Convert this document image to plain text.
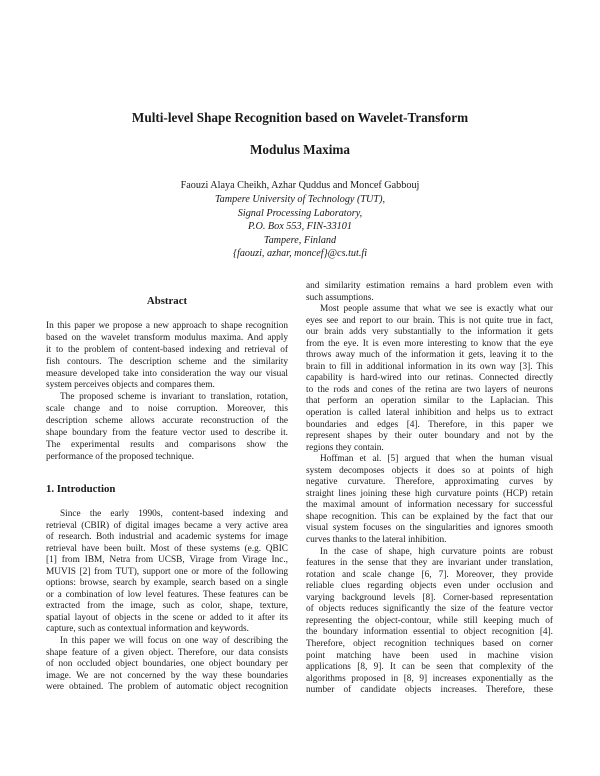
Multi-level Shape Recognition based on Wavelet-Transform
Modulus Maxima
Faouzi Alaya Cheikh, Azhar Quddus and Moncef Gabbouj
Tampere University of Technology (TUT),
Signal Processing Laboratory,
P.O. Box 553, FIN-33101
Tampere, Finland
{faouzi, azhar, moncef}@cs.tut.fi
Abstract
In this paper we propose a new approach to shape recognition
based on the wavelet transform modulus maxima. And apply
it to the problem of content-based indexing and retrieval of
fish contours. The description scheme and the similarity
measure developed take into consideration the way our visual
system perceives objects and compares them.
The proposed scheme is invariant to translation, rotation,
scale change and to noise corruption. Moreover, this
description scheme allows accurate reconstruction of the
shape boundary from the feature vector used to describe it.
The experimental results and comparisons show the
performance of the proposed technique.
1. Introduction
Since the early 1990s, content-based indexing and
retrieval (CBIR) of digital images became a very active area
of research. Both industrial and academic systems for image
retrieval have been built. Most of these systems (e.g. QBIC
[1] from IBM, Netra from UCSB, Virage from Virage Inc.,
MUVIS [2] from TUT), support one or more of the following
options: browse, search by example, search based on a single
or a combination of low level features. These features can be
extracted from the image, such as color, shape, texture,
spatial layout of objects in the scene or added to it after its
capture, such as contextual information and keywords.
In this paper we will focus on one way of describing the
shape feature of a given object. Therefore, our data consists
of non occluded object boundaries, one object boundary per
image. We are not concerned by the way these boundaries
were obtained. The problem of automatic object recognition
and similarity estimation remains a hard problem even with
such assumptions.
Most people assume that what we see is exactly what our
eyes see and report to our brain. This is not quite true in fact,
our brain adds very substantially to the information it gets
from the eye. It is even more interesting to know that the eye
throws away much of the information it gets, leaving it to the
brain to fill in additional information in its own way [3]. This
capability is hard-wired into our retinas. Connected directly
to the rods and cones of the retina are two layers of neurons
that perform an operation similar to the Laplacian. This
operation is called lateral inhibition and helps us to extract
boundaries and edges [4]. Therefore, in this paper we
represent shapes by their outer boundary and not by the
regions they contain.
Hoffman et al. [5] argued that when the human visual
system decomposes objects it does so at points of high
negative curvature. Therefore, approximating curves by
straight lines joining these high curvature points (HCP) retain
the maximal amount of information necessary for successful
shape recognition. This can be explained by the fact that our
visual system focuses on the singularities and ignores smooth
curves thanks to the lateral inhibition.
In the case of shape, high curvature points are robust
features in the sense that they are invariant under translation,
rotation and scale change [6, 7]. Moreover, they provide
reliable clues regarding objects even under occlusion and
varying background levels [8]. Corner-based representation
of objects reduces significantly the size of the feature vector
representing the object-contour, while still keeping much of
the boundary information essential to object recognition [4].
Therefore, object recognition techniques based on corner
point matching have been used in machine vision
applications [8, 9]. It can be seen that complexity of the
algorithms proposed in [8, 9] increases exponentially as the
number of candidate objects increases. Therefore, these
